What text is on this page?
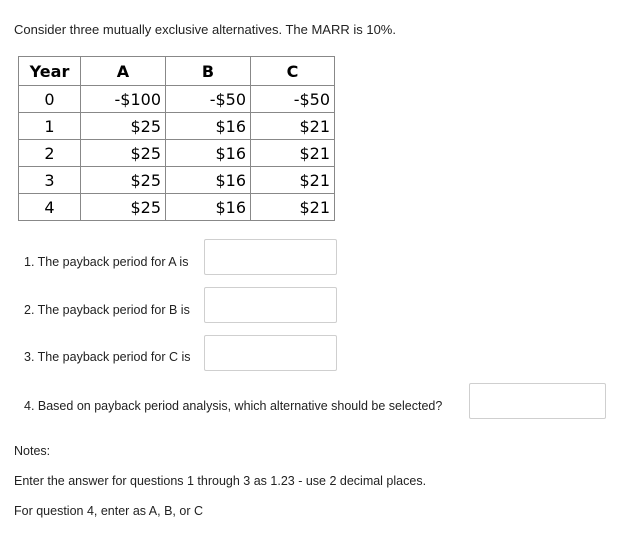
Consider three mutually exclusive alternatives. The MARR is 10%.
Year	A	B	C
0	-$100	-$50	-$50
1	$25	$16	$21
2	$25	$16	$21
3	$25	$16	$21
4	$25	$16	$21
1. The payback period for A is
2. The payback period for B is
3. The payback period for C is
4. Based on payback period analysis, which alternative should be selected?
Notes:
Enter the answer for questions 1 through 3 as 1.23 - use 2 decimal places.
For question 4, enter as A, B, or C
